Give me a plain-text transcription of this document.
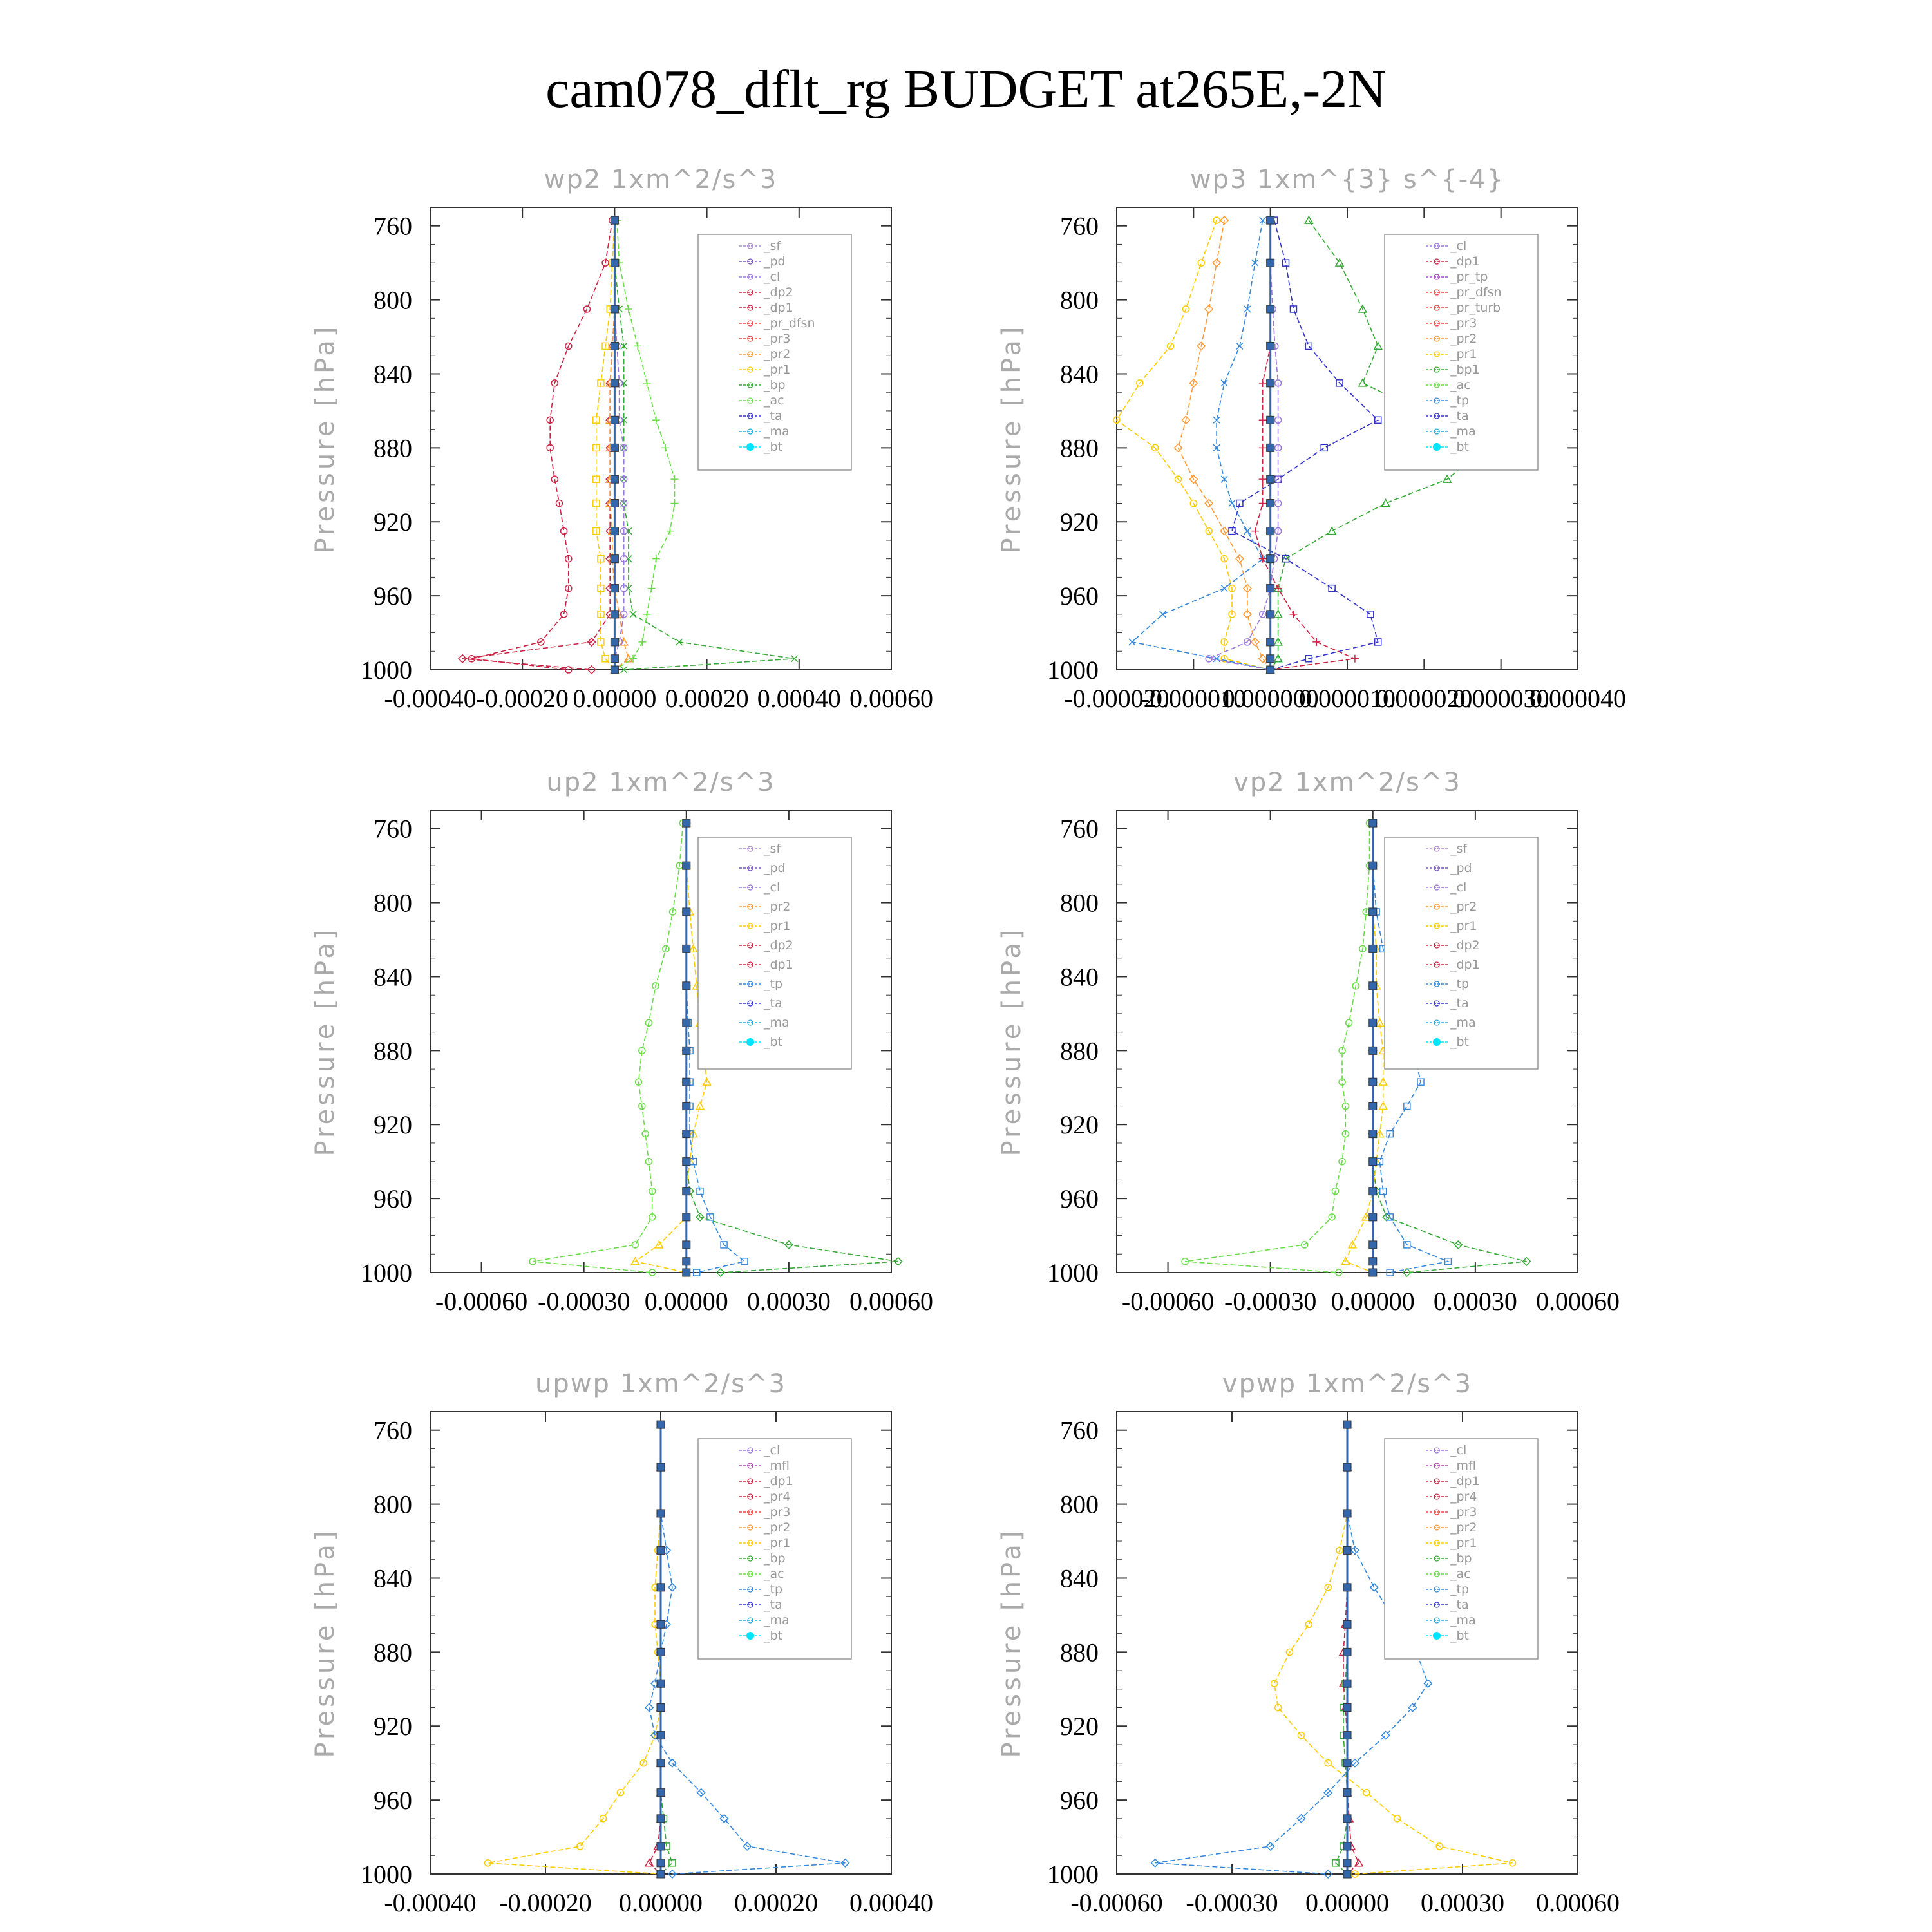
cam078_dflt_rg BUDGET at265E,-2N
wp2 1xm^2/s^3
760
800
840
880
920
960
1000
-0.00040 -0.00020 0.00000 0.00020 0.00040 0.00060
Pressure [hPa]
_sf
_pd
_cl
_dp2
_dp1
_pr_dfsn
_pr3
_pr2
_pr1
_bp
_ac
_ta
_ma
_bt
wp3 1xm^{3} s^{-4}
760
800
840
880
920
960
1000
-0.000020
-0.000010
0.000000
0.000010
0.000020
0.000030
0.000040
Pressure [hPa]
_cl
_dp1
_pr_tp
_pr_dfsn
_pr_turb
_pr3
_pr2
_pr1
_bp1
_ac
_tp
_ta
_ma
_bt
up2 1xm^2/s^3
760
800
840
880
920
960
1000
-0.00060 -0.00030 0.00000 0.00030 0.00060
Pressure [hPa]
_sf
_pd
_cl
_pr2
_pr1
_dp2
_dp1
_tp
_ta
_ma
_bt
vp2 1xm^2/s^3
760
800
840
880
920
960
1000
-0.00060 -0.00030 0.00000 0.00030 0.00060
Pressure [hPa]
_sf
_pd
_cl
_pr2
_pr1
_dp2
_dp1
_tp
_ta
_ma
_bt
upwp 1xm^2/s^3
760
800
840
880
920
960
1000
-0.00040 -0.00020 0.00000 0.00020 0.00040
Pressure [hPa]
_cl
_mfl
_dp1
_pr4
_pr3
_pr2
_pr1
_bp
_ac
_tp
_ta
_ma
_bt
vpwp 1xm^2/s^3
760
800
840
880
920
960
1000
-0.00060 -0.00030 0.00000 0.00030 0.00060
Pressure [hPa]
_cl
_mfl
_dp1
_pr4
_pr3
_pr2
_pr1
_bp
_ac
_tp
_ta
_ma
_bt
